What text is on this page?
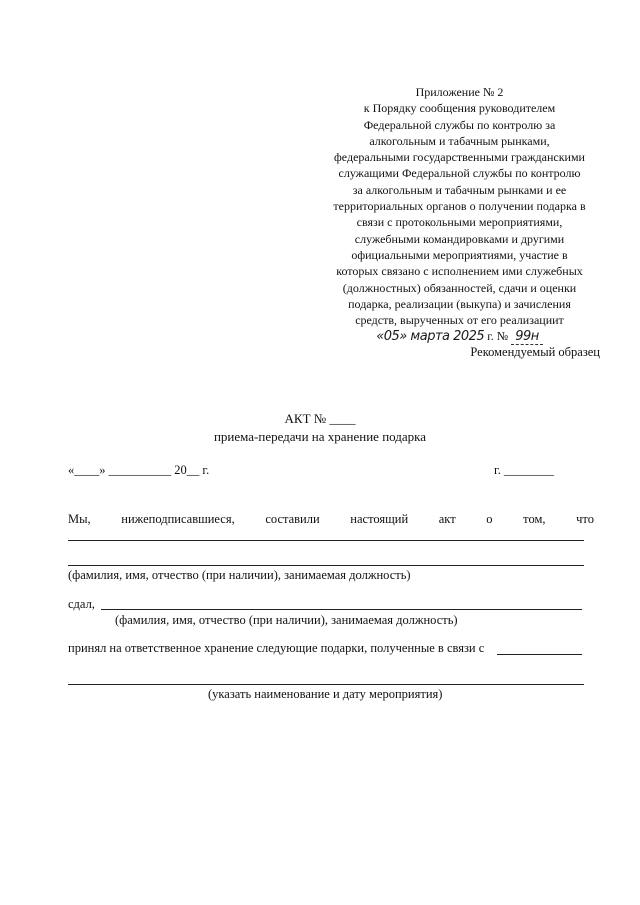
Приложение № 2
к Порядку сообщения руководителем
Федеральной службы по контролю за
алкогольным и табачным рынками,
федеральными государственными гражданскими
служащими Федеральной службы по контролю
за алкогольным и табачным рынками и ее
территориальных органов о получении подарка в
связи с протокольными мероприятиями,
служебными командировками и другими
официальными мероприятиями, участие в
которых связано с исполнением ими служебных
(должностных) обязанностей, сдачи и оценки
подарка, реализации (выкупа) и зачисления
средств, вырученных от его реализациит
«05» марта 2025 г. № 99н
Рекомендуемый образец
АКТ № ____
приема-передачи на хранение подарка
«____» __________ 20__ г.	г. ________
Мы, нижеподписавшиеся, составили настоящий акт о том, что
(фамилия, имя, отчество (при наличии), занимаемая должность)
сдал,
(фамилия, имя, отчество (при наличии), занимаемая должность)
принял на ответственное хранение следующие подарки, полученные в связи с
(указать наименование и дату мероприятия)
